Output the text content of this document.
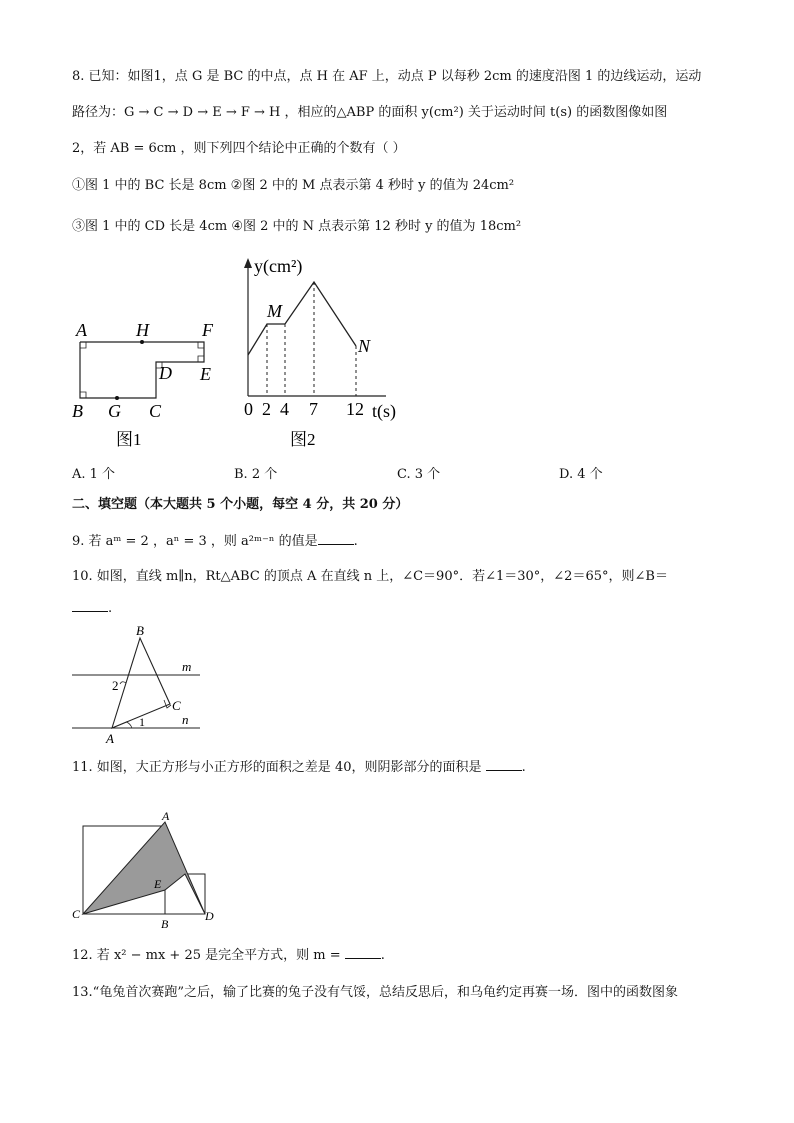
8. 已知：如图1，点 G 是 BC 的中点，点 H 在 AF 上，动点 P 以每秒 2cm 的速度沿图 1 的边线运动，运动
路径为：G → C → D → E → F → H ，相应的△ABP 的面积 y(cm²) 关于运动时间 t(s) 的函数图像如图
2，若 AB = 6cm ，则下列四个结论中正确的个数有（ ）
①图 1 中的 BC 长是 8cm ②图 2 中的 M 点表示第 4 秒时 y 的值为 24cm²
③图 1 中的 CD 长是 4cm ④图 2 中的 N 点表示第 12 秒时 y 的值为 18cm²
A	H	F
D E
B G C
图1
y(cm²)
M
N
0 2 4 7 12 t(s)
图2
A. 1 个	B. 2 个	C. 3 个	D. 4 个
二、填空题（本大题共 5 个小题，每空 4 分，共 20 分）
9. 若 aᵐ = 2 ，aⁿ = 3 ，则 a²ᵐ⁻ⁿ 的值是	.
10. 如图，直线 m∥n，Rt△ABC 的顶点 A 在直线 n 上，∠C＝90°．若∠1＝30°，∠2＝65°，则∠B＝
.
B
m
2
C
1	n
A
11. 如图，大正方形与小正方形的面积之差是 40，则阴影部分的面积是	.
A
E
C
B
D
12. 若 x² − mx + 25 是完全平方式，则 m =	.
13.“龟兔首次赛跑”之后，输了比赛的兔子没有气馁，总结反思后，和乌龟约定再赛一场．图中的函数图象
